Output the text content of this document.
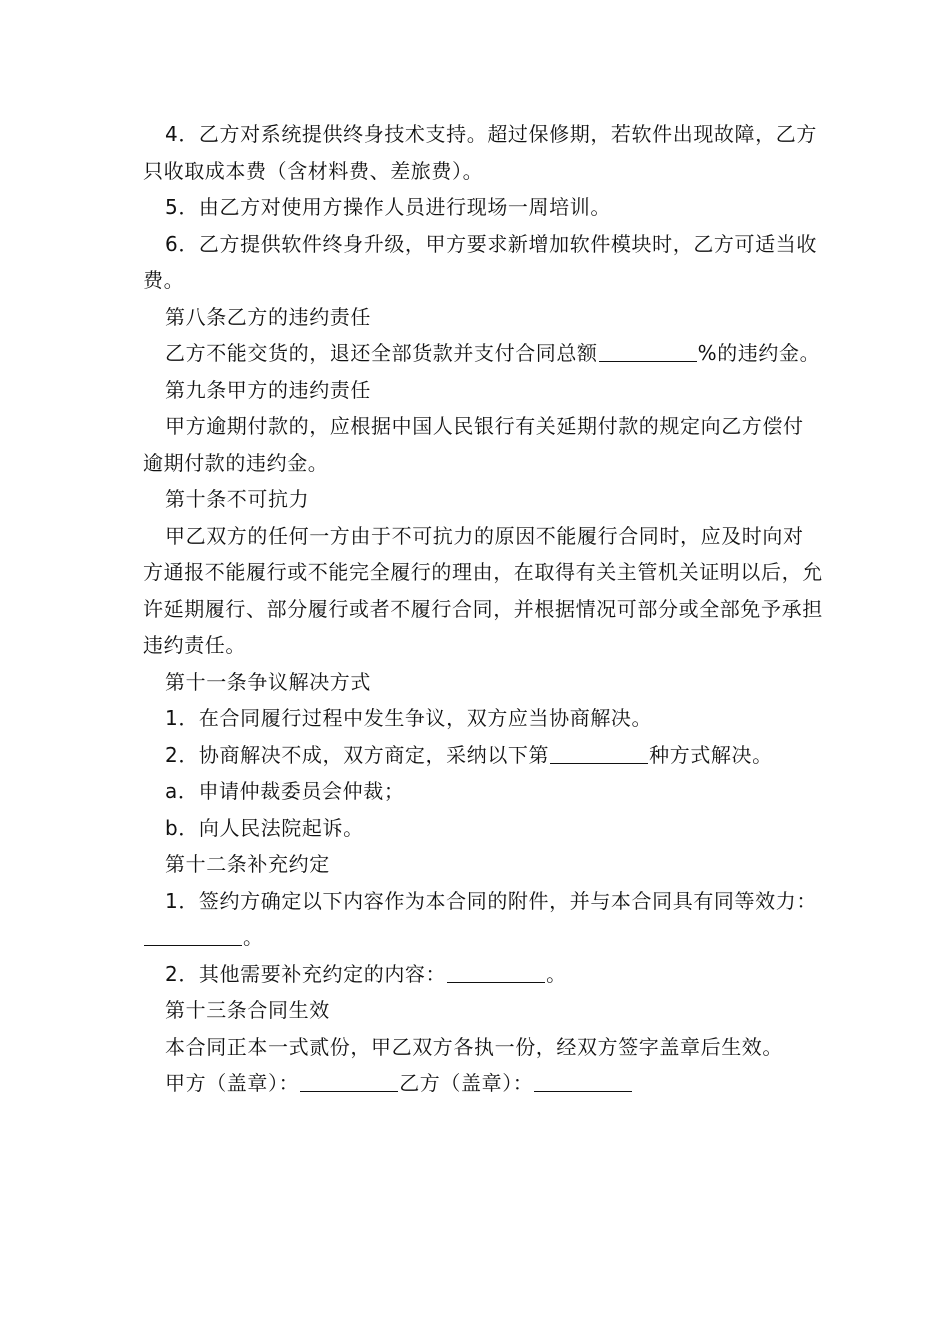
4．乙方对系统提供终身技术支持。超过保修期，若软件出现故障，乙方只收取成本费（含材料费、差旅费）。

5．由乙方对使用方操作人员进行现场一周培训。

6．乙方提供软件终身升级，甲方要求新增加软件模块时，乙方可适当收费。

第八条乙方的违约责任

乙方不能交货的，退还全部货款并支付合同总额	%的违约金。

第九条甲方的违约责任

甲方逾期付款的，应根据中国人民银行有关延期付款的规定向乙方偿付逾期付款的违约金。

第十条不可抗力

甲乙双方的任何一方由于不可抗力的原因不能履行合同时，应及时向对方通报不能履行或不能完全履行的理由，在取得有关主管机关证明以后，允许延期履行、部分履行或者不履行合同，并根据情况可部分或全部免予承担违约责任。

第十一条争议解决方式

1．在合同履行过程中发生争议，双方应当协商解决。

2．协商解决不成，双方商定，采纳以下第	种方式解决。

a．申请仲裁委员会仲裁；

b．向人民法院起诉。

第十二条补充约定

1．签约方确定以下内容作为本合同的附件，并与本合同具有同等效力：。

2．其他需要补充约定的内容：	。

第十三条合同生效

本合同正本一式贰份，甲乙双方各执一份，经双方签字盖章后生效。

甲方（盖章）：	乙方（盖章）：
